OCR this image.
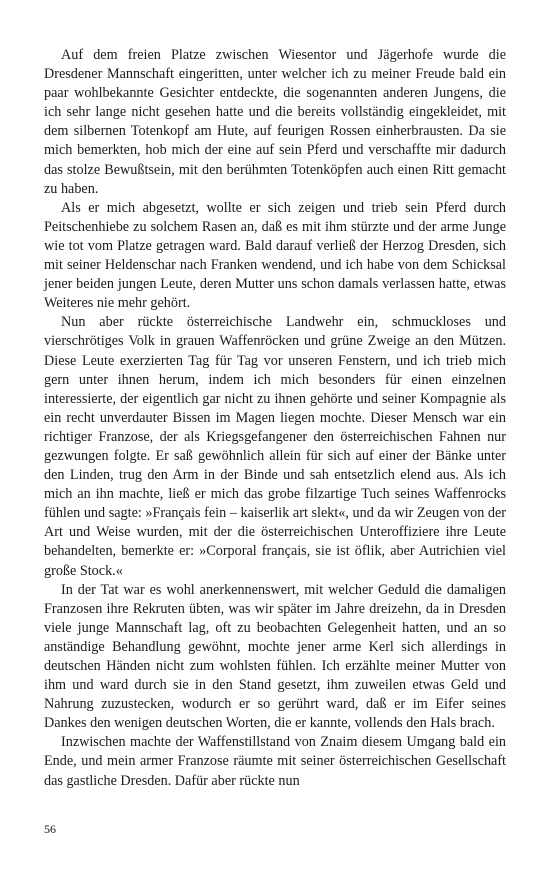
Auf dem freien Platze zwischen Wiesentor und Jägerhofe wurde die Dresdener Mannschaft eingeritten, unter welcher ich zu meiner Freude bald ein paar wohlbekannte Gesichter entdeckte, die sogenannten anderen Jungens, die ich sehr lange nicht gesehen hatte und die bereits vollständig eingekleidet, mit dem silbernen Totenkopf am Hute, auf feurigen Rossen einherbrausten. Da sie mich bemerkten, hob mich der eine auf sein Pferd und verschaffte mir dadurch das stolze Bewußtsein, mit den berühmten Totenköpfen auch einen Ritt gemacht zu haben.

Als er mich abgesetzt, wollte er sich zeigen und trieb sein Pferd durch Peitschenhiebe zu solchem Rasen an, daß es mit ihm stürzte und der arme Junge wie tot vom Platze getragen ward. Bald darauf verließ der Herzog Dresden, sich mit seiner Heldenschar nach Franken wendend, und ich habe von dem Schicksal jener beiden jungen Leute, deren Mutter uns schon damals verlassen hatte, etwas Weiteres nie mehr gehört.

Nun aber rückte österreichische Landwehr ein, schmuckloses und vierschrötiges Volk in grauen Waffenröcken und grüne Zweige an den Mützen. Diese Leute exerzierten Tag für Tag vor unseren Fenstern, und ich trieb mich gern unter ihnen herum, indem ich mich besonders für einen einzelnen interessierte, der eigentlich gar nicht zu ihnen gehörte und seiner Kompagnie als ein recht unverdauter Bissen im Magen liegen mochte. Dieser Mensch war ein richtiger Franzose, der als Kriegsgefangener den österreichischen Fahnen nur gezwungen folgte. Er saß gewöhnlich allein für sich auf einer der Bänke unter den Linden, trug den Arm in der Binde und sah entsetzlich elend aus. Als ich mich an ihn machte, ließ er mich das grobe filzartige Tuch seines Waffenrocks fühlen und sagte: »Français fein – kaiserlik art slekt«, und da wir Zeugen von der Art und Weise wurden, mit der die österreichischen Unteroffiziere ihre Leute behandelten, bemerkte er: »Corporal français, sie ist öflik, aber Autrichien viel große Stock.«

In der Tat war es wohl anerkennenswert, mit welcher Geduld die damaligen Franzosen ihre Rekruten übten, was wir später im Jahre dreizehn, da in Dresden viele junge Mannschaft lag, oft zu beobachten Gelegenheit hatten, und an so anständige Behandlung gewöhnt, mochte jener arme Kerl sich allerdings in deutschen Händen nicht zum wohlsten fühlen. Ich erzählte meiner Mutter von ihm und ward durch sie in den Stand gesetzt, ihm zuweilen etwas Geld und Nahrung zuzustecken, wodurch er so gerührt ward, daß er im Eifer seines Dankes den wenigen deutschen Worten, die er kannte, vollends den Hals brach.

Inzwischen machte der Waffenstillstand von Znaim diesem Umgang bald ein Ende, und mein armer Franzose räumte mit seiner österreichischen Gesellschaft das gastliche Dresden. Dafür aber rückte nun

56
